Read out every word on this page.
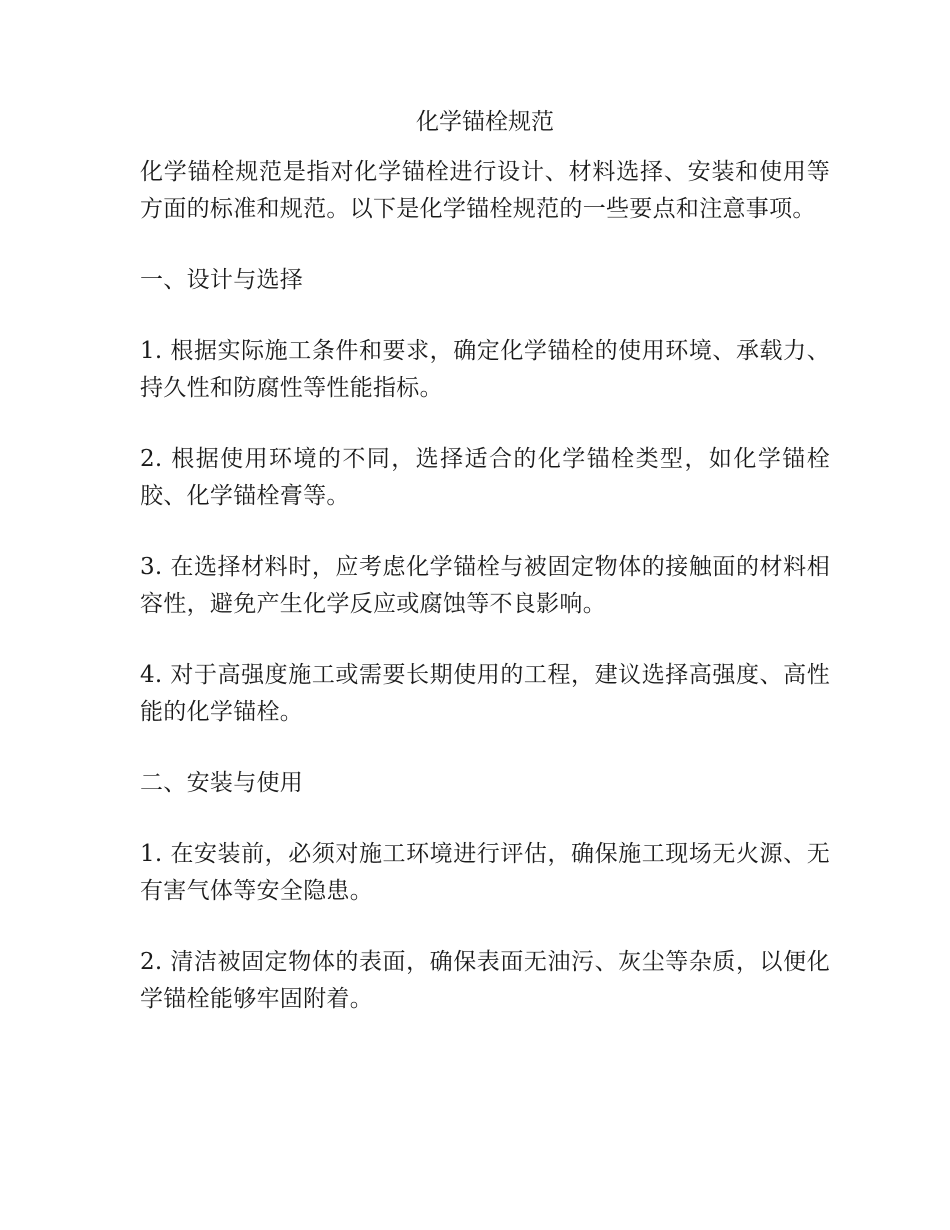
化学锚栓规范

化学锚栓规范是指对化学锚栓进行设计、材料选择、安装和使用等方面的标准和规范。以下是化学锚栓规范的一些要点和注意事项。

一、设计与选择

1. 根据实际施工条件和要求，确定化学锚栓的使用环境、承载力、持久性和防腐性等性能指标。

2. 根据使用环境的不同，选择适合的化学锚栓类型，如化学锚栓胶、化学锚栓膏等。

3. 在选择材料时，应考虑化学锚栓与被固定物体的接触面的材料相容性，避免产生化学反应或腐蚀等不良影响。

4. 对于高强度施工或需要长期使用的工程，建议选择高强度、高性能的化学锚栓。

二、安装与使用

1. 在安装前，必须对施工环境进行评估，确保施工现场无火源、无有害气体等安全隐患。

2. 清洁被固定物体的表面，确保表面无油污、灰尘等杂质，以便化学锚栓能够牢固附着。
